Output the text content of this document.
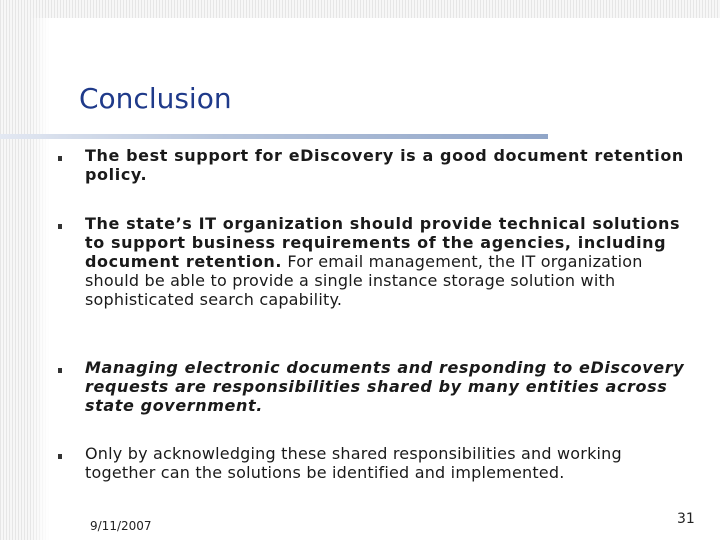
Conclusion
The best support for eDiscovery is a good document retention policy.
The state’s IT organization should provide technical solutions to support business requirements of the agencies, including document retention. For email management, the IT organization should be able to provide a single instance storage solution with sophisticated search capability.
Managing electronic documents and responding to eDiscovery requests are responsibilities shared by many entities across state government.
Only by acknowledging these shared responsibilities and working together can the solutions be identified and implemented.
9/11/2007	31
